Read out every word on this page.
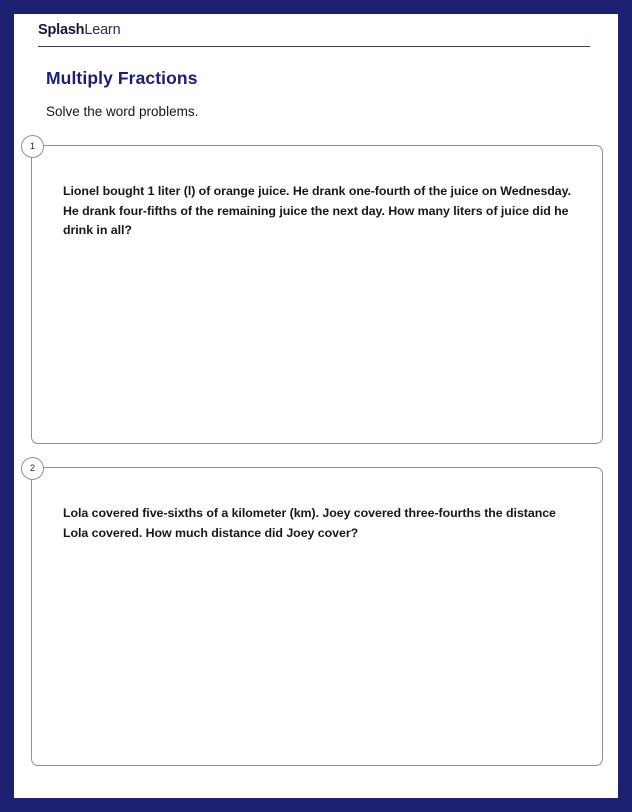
SplashLearn
Multiply Fractions
Solve the word problems.
1
Lionel bought 1 liter (l) of orange juice. He drank one-fourth of the juice on Wednesday. He drank four-fifths of the remaining juice the next day. How many liters of juice did he drink in all?
2
Lola covered five-sixths of a kilometer (km). Joey covered three-fourths the distance Lola covered. How much distance did Joey cover?
